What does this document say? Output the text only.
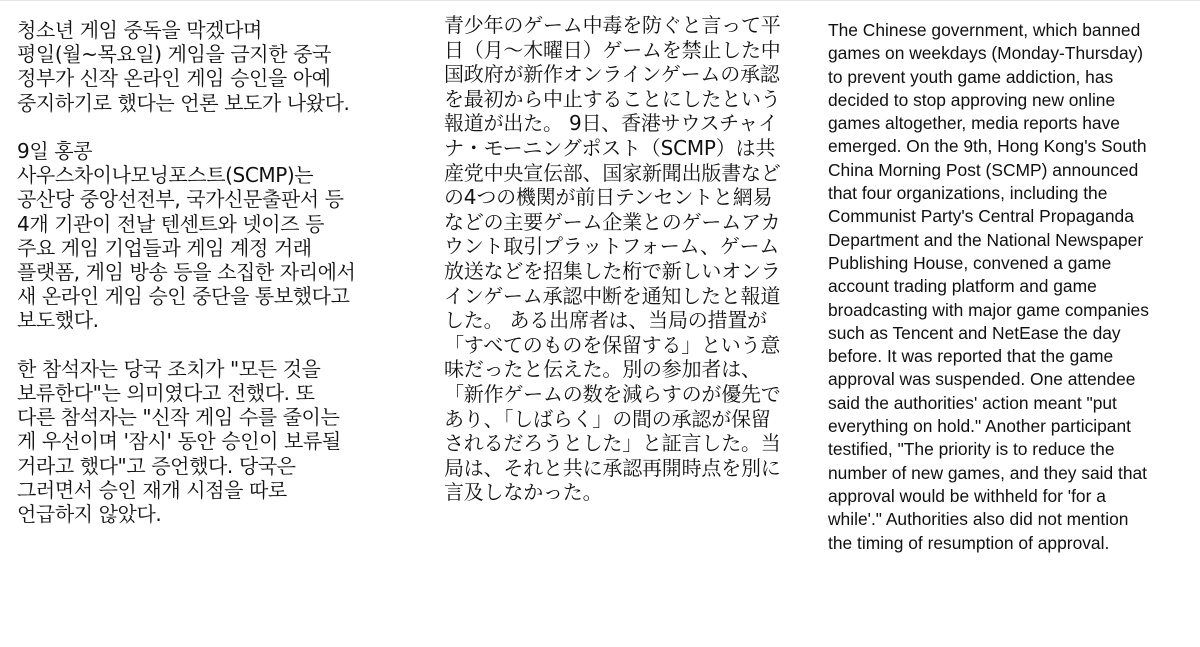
청소년 게임 중독을 막겠다며
평일(월~목요일) 게임을 금지한 중국
정부가 신작 온라인 게임 승인을 아예
중지하기로 했다는 언론 보도가 나왔다.

9일 홍콩
사우스차이나모닝포스트(SCMP)는
공산당 중앙선전부, 국가신문출판서 등
4개 기관이 전날 텐센트와 넷이즈 등
주요 게임 기업들과 게임 계정 거래
플랫폼, 게임 방송 등을 소집한 자리에서
새 온라인 게임 승인 중단을 통보했다고
보도했다.

한 참석자는 당국 조치가 "모든 것을
보류한다"는 의미였다고 전했다. 또
다른 참석자는 "신작 게임 수를 줄이는
게 우선이며 '잠시' 동안 승인이 보류될
거라고 했다"고 증언했다. 당국은
그러면서 승인 재개 시점을 따로
언급하지 않았다.

青少年のゲーム中毒を防ぐと言って平
日（月～木曜日）ゲームを禁止した中
国政府が新作オンラインゲームの承認
を最初から中止することにしたという
報道が出た。 9日、香港サウスチャイ
ナ・モーニングポスト（SCMP）は共
産党中央宣伝部、国家新聞出版書など
の4つの機関が前日テンセントと網易
などの主要ゲーム企業とのゲームアカ
ウント取引プラットフォーム、ゲーム
放送などを招集した桁で新しいオンラ
インゲーム承認中断を通知したと報道
した。 ある出席者は、当局の措置が
「すべてのものを保留する」という意
味だったと伝えた。別の参加者は、
「新作ゲームの数を減らすのが優先で
あり、「しばらく」の間の承認が保留
されるだろうとした」と証言した。当
局は、それと共に承認再開時点を別に
言及しなかった。

The Chinese government, which banned
games on weekdays (Monday-Thursday)
to prevent youth game addiction, has
decided to stop approving new online
games altogether, media reports have
emerged. On the 9th, Hong Kong's South
China Morning Post (SCMP) announced
that four organizations, including the
Communist Party's Central Propaganda
Department and the National Newspaper
Publishing House, convened a game
account trading platform and game
broadcasting with major game companies
such as Tencent and NetEase the day
before. It was reported that the game
approval was suspended. One attendee
said the authorities' action meant "put
everything on hold." Another participant
testified, "The priority is to reduce the
number of new games, and they said that
approval would be withheld for 'for a
while'." Authorities also did not mention
the timing of resumption of approval.
